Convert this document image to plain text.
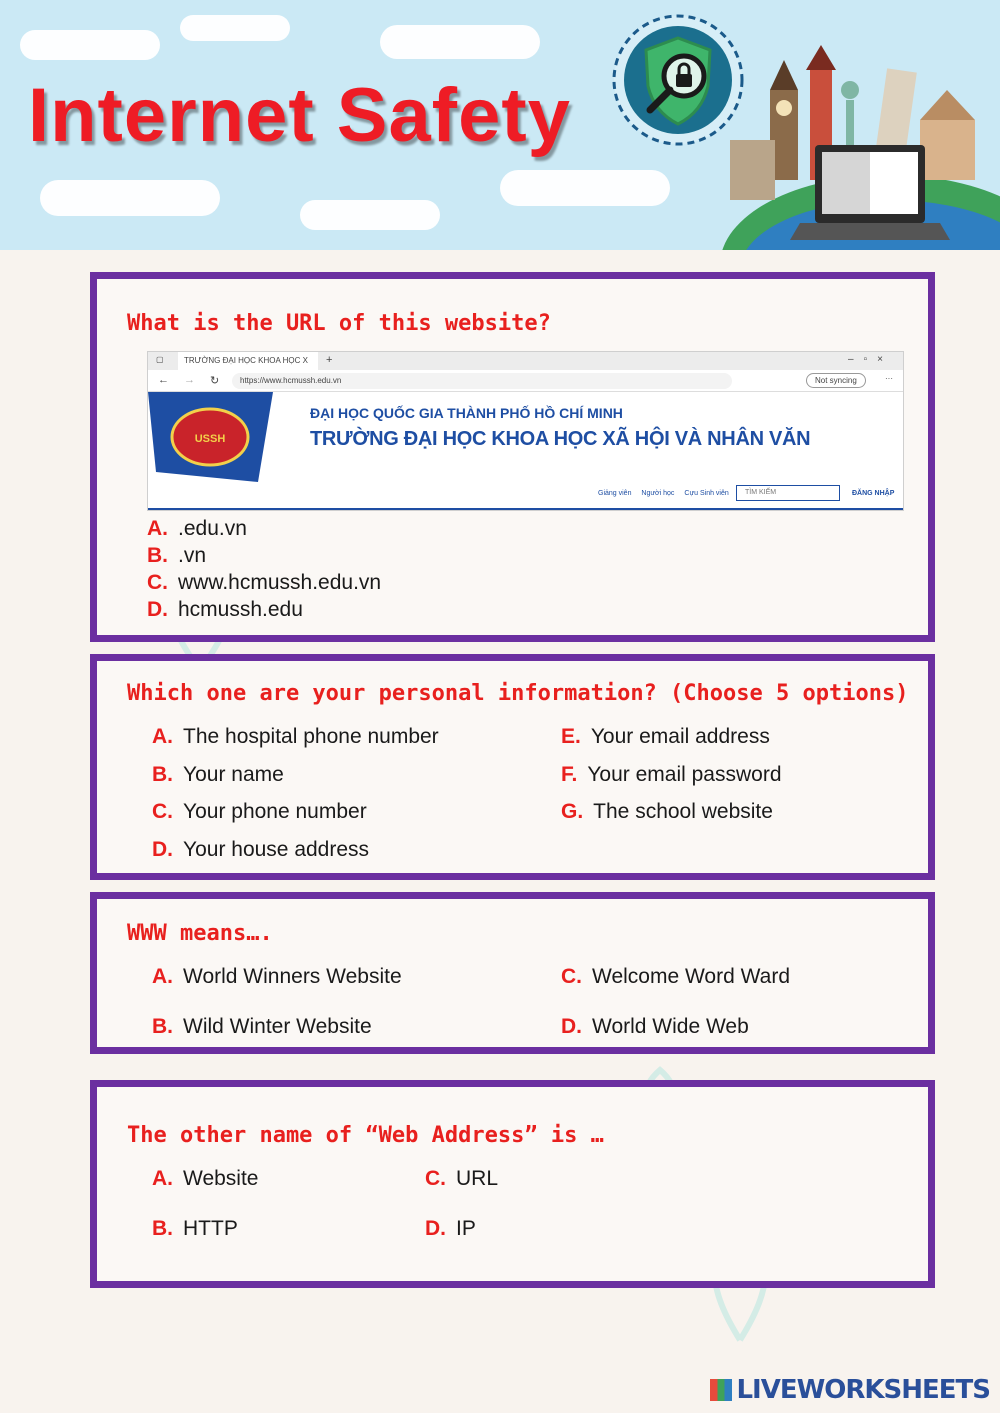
Internet Safety
What is the URL of this website?
▢	TRƯỜNG ĐẠI HỌC KHOA HỌC X	+	–▫×
← → ↻	https://www.hcmussh.edu.vn	Not syncing	···
USSH
ĐẠI HỌC QUỐC GIA THÀNH PHỐ HỒ CHÍ MINH
TRƯỜNG ĐẠI HỌC KHOA HỌC XÃ HỘI VÀ NHÂN VĂN
Giảng viên Người học Cựu Sinh viên	TÌM KIẾM	ĐĂNG NHẬP
A. .edu.vn
B. .vn
C. www.hcmussh.edu.vn
D. hcmussh.edu
Which one are your personal information? (Choose 5 options)
A. The hospital phone number
B. Your name
C. Your phone number
D. Your house address
E. Your email address
F. Your email password
G. The school website
WWW means….
A. World Winners Website
B. Wild Winter Website
C. Welcome Word Ward
D. World Wide Web
The other name of “Web Address” is …
A. Website
B. HTTP
C. URL
D. IP
LIVEWORKSHEETS
